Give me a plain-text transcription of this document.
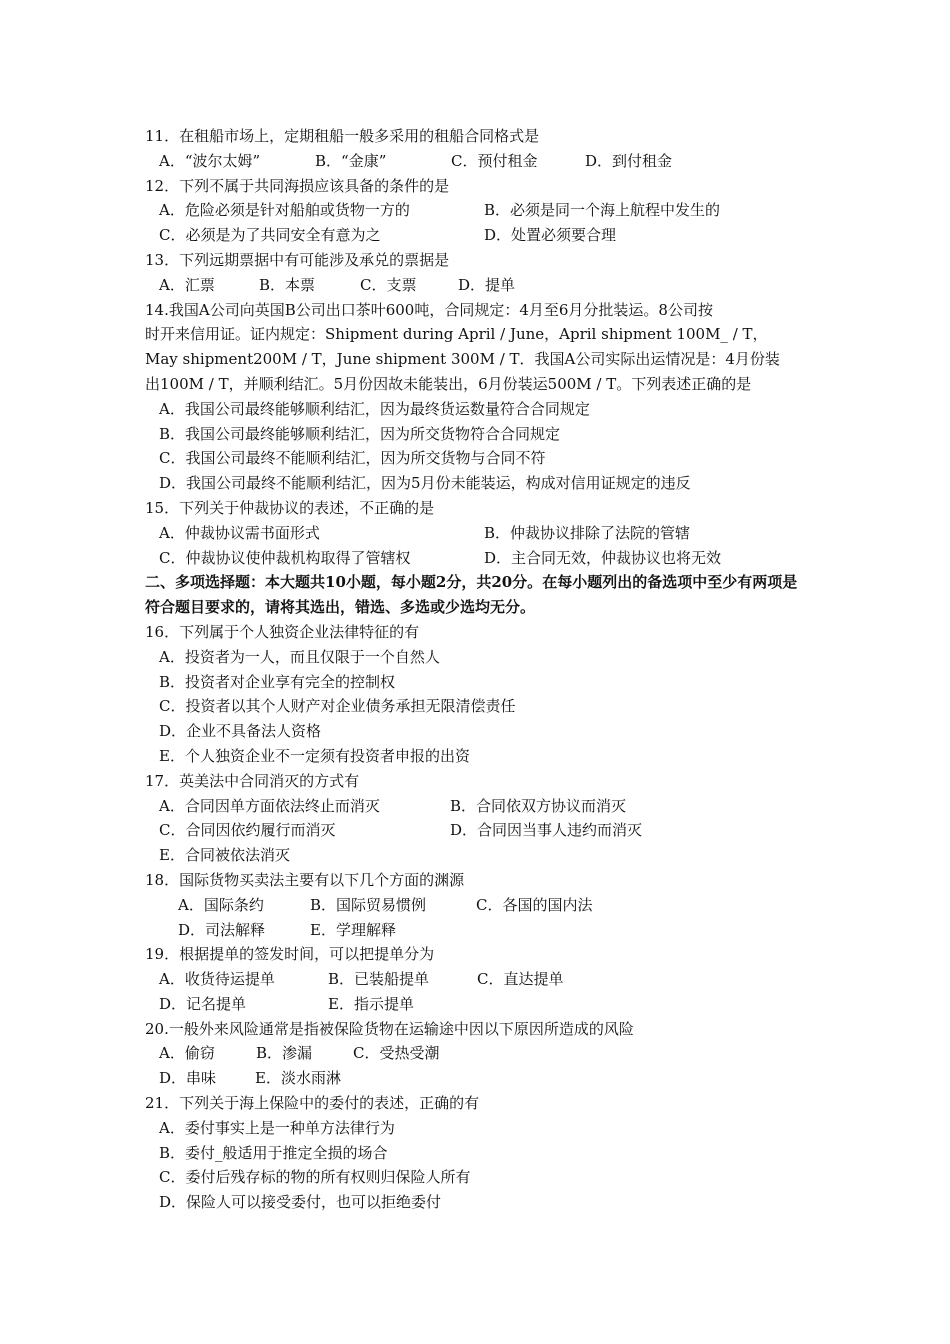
11．在租船市场上，定期租船一般多采用的租船合同格式是
A．“波尔太姆”	B．“金康”	C．预付租金	D．到付租金
12．下列不属于共同海损应该具备的条件的是
A．危险必须是针对船舶或货物一方的	B．必须是同一个海上航程中发生的
C．必须是为了共同安全有意为之	D．处置必须要合理
13．下列远期票据中有可能涉及承兑的票据是
A．汇票	B．本票	C．支票	D．提单
14.我国A公司向英国B公司出口茶叶600吨，合同规定：4月至6月分批装运。8公司按
时开来信用证。证内规定：Shipment during April / June，April shipment 100M_ / T，
May shipment200M / T，June shipment 300M / T．我国A公司实际出运情况是：4月份装
出100M / T，并顺利结汇。5月份因故未能装出，6月份装运500M / T。下列表述正确的是
A．我国公司最终能够顺利结汇，因为最终货运数量符合合同规定
B．我国公司最终能够顺利结汇，因为所交货物符合合同规定
C．我国公司最终不能顺利结汇，因为所交货物与合同不符
D．我国公司最终不能顺利结汇，因为5月份未能装运，构成对信用证规定的违反
15．下列关于仲裁协议的表述，不正确的是
A．仲裁协议需书面形式	B．仲裁协议排除了法院的管辖
C．仲裁协议使仲裁机构取得了管辖权	D．主合同无效，仲裁协议也将无效
二、多项选择题：本大题共10小题，每小题2分，共20分。在每小题列出的备选项中至少有两项是符合题目要求的，请将其选出，错选、多选或少选均无分。
16．下列属于个人独资企业法律特征的有
A．投资者为一人，而且仅限于一个自然人
B．投资者对企业享有完全的控制权
C．投资者以其个人财产对企业债务承担无限清偿责任
D．企业不具备法人资格
E．个人独资企业不一定须有投资者申报的出资
17．英美法中合同消灭的方式有
A．合同因单方面依法终止而消灭	B．合同依双方协议而消灭
C．合同因依约履行而消灭	D．合同因当事人违约而消灭
E．合同被依法消灭
18．国际货物买卖法主要有以下几个方面的渊源
A．国际条约	B．国际贸易惯例	C．各国的国内法
D．司法解释	E．学理解释
19．根据提单的签发时间，可以把提单分为
A．收货待运提单	B．已装船提单	C．直达提单
D．记名提单	E．指示提单
20.一般外来风险通常是指被保险货物在运输途中因以下原因所造成的风险
A．偷窃	B．渗漏	C．受热受潮
D．串味	E．淡水雨淋
21．下列关于海上保险中的委付的表述，正确的有
A．委付事实上是一种单方法律行为
B．委付_般适用于推定全损的场合
C．委付后残存标的物的所有权则归保险人所有
D．保险人可以接受委付，也可以拒绝委付
